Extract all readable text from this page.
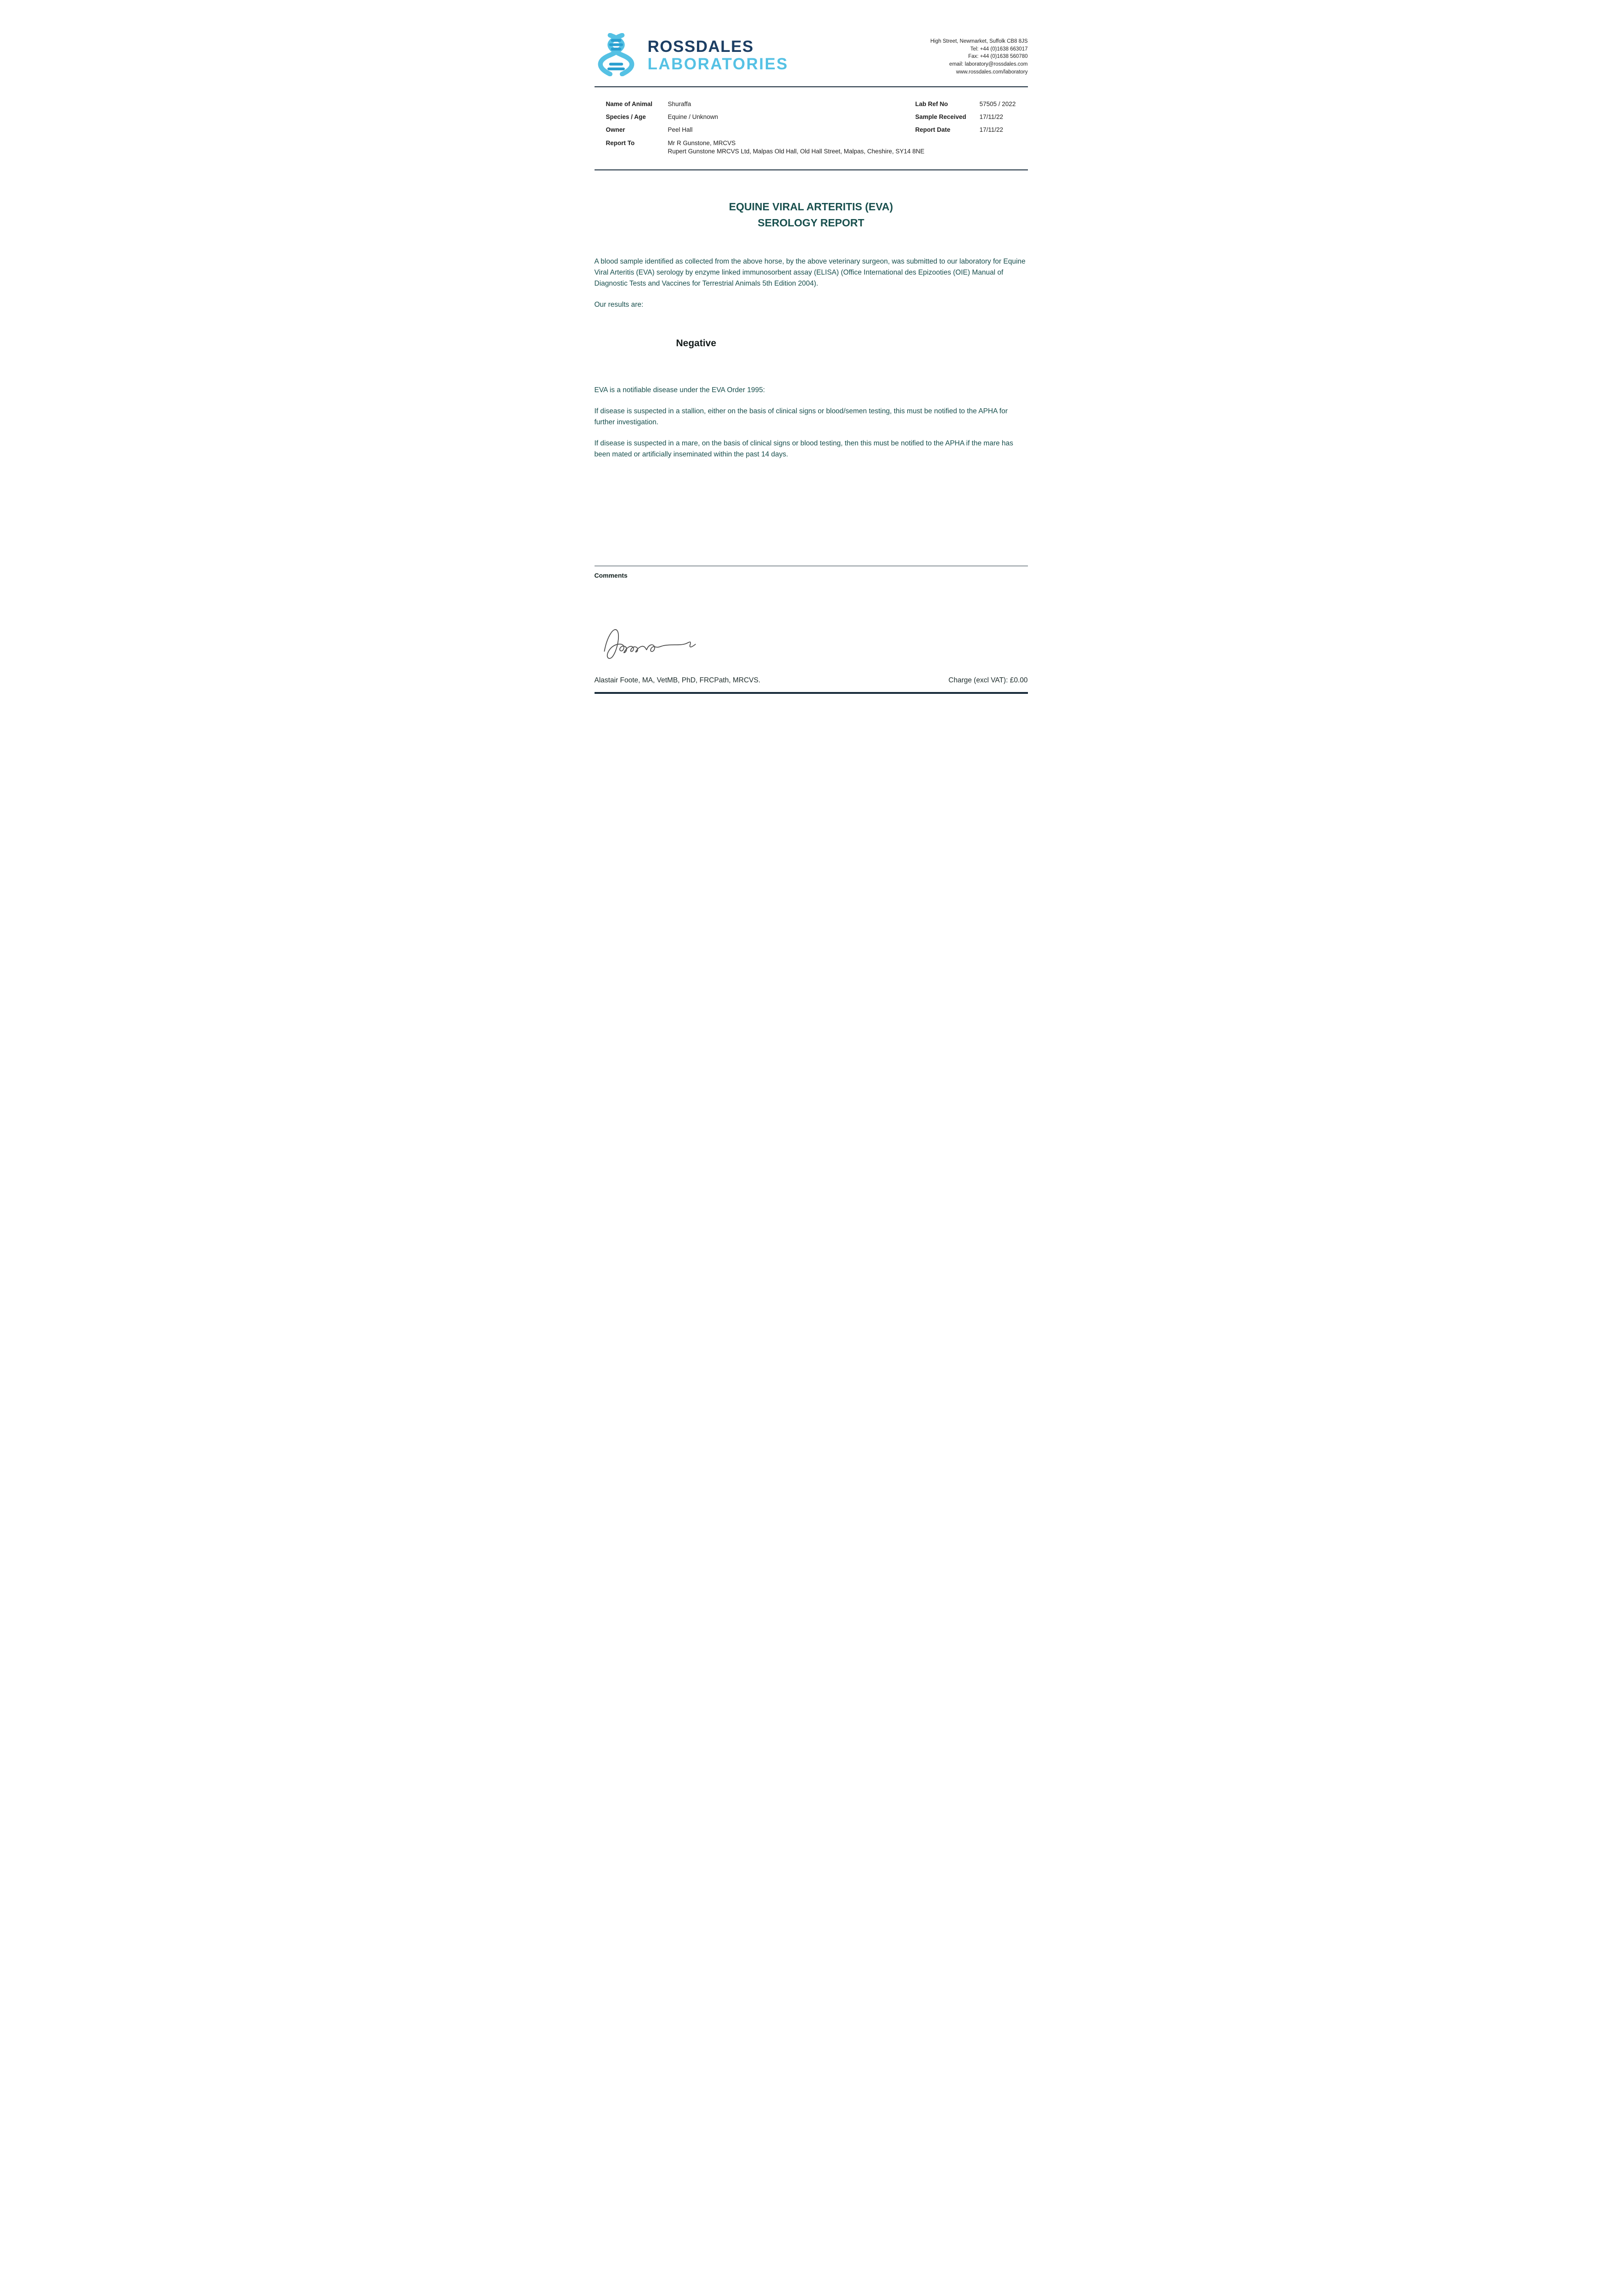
ROSSDALES
LABORATORIES
High Street, Newmarket, Suffolk CB8 8JS
Tel: +44 (0)1638 663017
Fax: +44 (0)1638 560780
email: laboratory@rossdales.com
www.rossdales.com/laboratory
Name of Animal	Shuraffa	Lab Ref No	57505 / 2022
Species / Age	Equine / Unknown	Sample Received	17/11/22
Owner	Peel Hall	Report Date	17/11/22
Report To	Mr R Gunstone, MRCVS
Rupert Gunstone MRCVS Ltd, Malpas Old Hall, Old Hall Street, Malpas, Cheshire, SY14 8NE
EQUINE VIRAL ARTERITIS (EVA)
SEROLOGY REPORT

A blood sample identified as collected from the above horse, by the above veterinary surgeon, was submitted to our laboratory for Equine Viral Arteritis (EVA) serology by enzyme linked immunosorbent assay (ELISA) (Office International des Epizooties (OIE) Manual of Diagnostic Tests and Vaccines for Terrestrial Animals 5th Edition 2004).

Our results are:

Negative

EVA is a notifiable disease under the EVA Order 1995:

If disease is suspected in a stallion, either on the basis of clinical signs or blood/semen testing, this must be notified to the APHA for further investigation.

If disease is suspected in a mare, on the basis of clinical signs or blood testing, then this must be notified to the APHA if the mare has been mated or artificially inseminated within the past 14 days.

Comments
Alastair Foote, MA, VetMB, PhD, FRCPath, MRCVS.	Charge (excl VAT): £0.00
